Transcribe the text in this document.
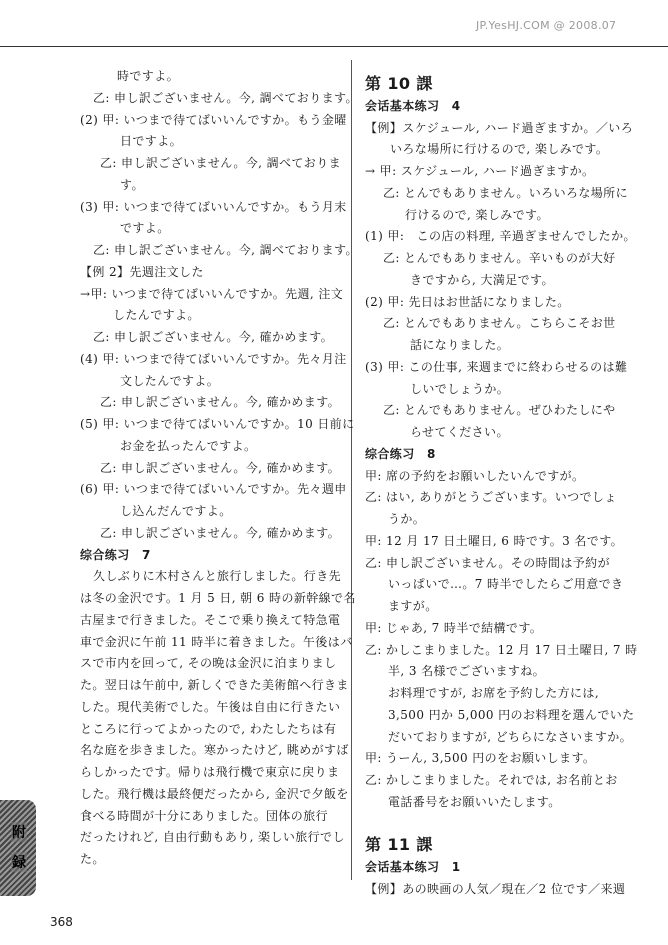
JP.YesHJ.COM @ 2008.07
時ですよ。
乙: 申し訳ございません。今, 調べております。
(2) 甲: いつまで待てばいいんですか。もう金曜
日ですよ。
乙: 申し訳ございません。今, 調べておりま
す。
(3) 甲: いつまで待てばいいんですか。もう月末
ですよ。
乙: 申し訳ございません。今, 調べております。
【例 2】先週注文した
→甲: いつまで待てばいいんですか。先週, 注文
したんですよ。
乙: 申し訳ございません。今, 確かめます。
(4) 甲: いつまで待てばいいんですか。先々月注
文したんですよ。
乙: 申し訳ございません。今, 確かめます。
(5) 甲: いつまで待てばいいんですか。10 日前に
お金を払ったんですよ。
乙: 申し訳ございません。今, 確かめます。
(6) 甲: いつまで待てばいいんですか。先々週申
し込んだんですよ。
乙: 申し訳ございません。今, 確かめます。
综合练习　7
久しぶりに木村さんと旅行しました。行き先
は冬の金沢です。1 月 5 日, 朝 6 時の新幹線で名
古屋まで行きました。そこで乗り換えて特急電
車で金沢に午前 11 時半に着きました。午後はバ
スで市内を回って, その晩は金沢に泊まりまし
た。翌日は午前中, 新しくできた美術館へ行きま
した。現代美術でした。午後は自由に行きたい
ところに行ってよかったので, わたしたちは有
名な庭を歩きました。寒かったけど, 眺めがすば
らしかったです。帰りは飛行機で東京に戻りま
した。飛行機は最終便だったから, 金沢で夕飯を
食べる時間が十分にありました。団体の旅行
だったけれど, 自由行動もあり, 楽しい旅行でし
た。
第 10 課
会话基本练习　4
【例】スケジュール, ハード過ぎますか。／いろ
いろな場所に行けるので, 楽しみです。
→ 甲: スケジュール, ハード過ぎますか。
乙: とんでもありません。いろいろな場所に
行けるので, 楽しみです。
(1) 甲:　この店の料理, 辛過ぎませんでしたか。
乙: とんでもありません。辛いものが大好
きですから, 大満足です。
(2) 甲: 先日はお世話になりました。
乙: とんでもありません。こちらこそお世
話になりました。
(3) 甲: この仕事, 来週までに終わらせるのは難
しいでしょうか。
乙: とんでもありません。ぜひわたしにや
らせてください。
综合练习　8
甲: 席の予約をお願いしたいんですが。
乙: はい, ありがとうございます。いつでしょ
うか。
甲: 12 月 17 日土曜日, 6 時です。3 名です。
乙: 申し訳ございません。その時間は予約が
いっぱいで…。7 時半でしたらご用意でき
ますが。
甲: じゃあ, 7 時半で結構です。
乙: かしこまりました。12 月 17 日土曜日, 7 時
半, 3 名様でございますね。
お料理ですが, お席を予約した方には,
3,500 円か 5,000 円のお料理を選んでいた
だいておりますが, どちらになさいますか。
甲: うーん, 3,500 円のをお願いします。
乙: かしこまりました。それでは, お名前とお
電話番号をお願いいたします。
第 11 課
会话基本练习　1
【例】あの映画の人気／現在／2 位です／来週
附
録
368
